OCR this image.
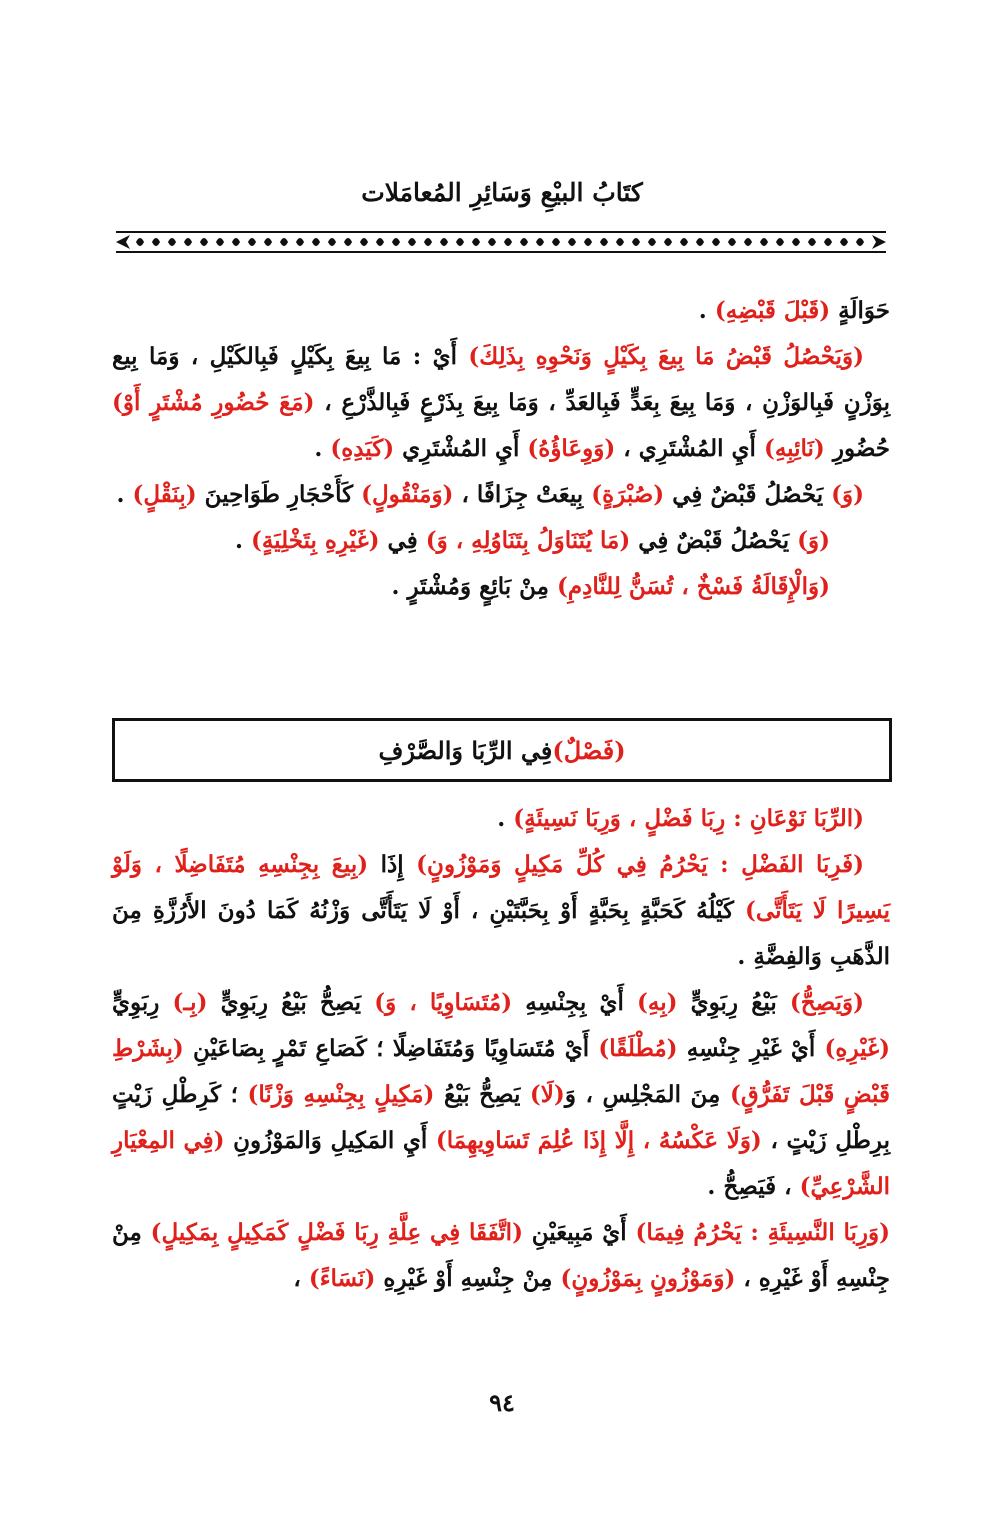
كتَابُ البيْعِ وَسَائِرِ المُعامَلات

حَوَالَةٍ (قَبْلَ قَبْضِهِ) .

(وَيَحْصُلُ قَبْضُ مَا بِيعَ بِكَيْلٍ وَنَحْوِهِ بِذَلِكَ) أَيْ : مَا بِيعَ بِكَيْلٍ فَبِالكَيْلِ ، وَمَا بِيع بِوَزْنٍ فَبِالوَزْنِ ، وَمَا بِيعَ بِعَدٍّ فَبِالعَدِّ ، وَمَا بِيعَ بِذَرْعٍ فَبِالذَّرْعِ ، (مَعَ حُضُورِ مُشْتَرٍ أَوْ) حُضُورِ (نَائِبِهِ) أَيِ المُشْتَرِي ، (وَوِعَاؤُهُ) أَيِ المُشْتَرِي (كَيَدِهِ) .

(وَ) يَحْصُلُ قَبْضٌ فِي (صُبْرَةٍ) بِيعَتْ جِزَافًا ، (وَمَنْقُولٍ) كَأَحْجَارِ طَوَاحِينَ (بِنَقْلٍ) .

(وَ) يَحْصُلُ قَبْضٌ فِي (مَا يُتَنَاوَلُ بِتَنَاوُلِهِ ، وَ) فِي (غَيْرِهِ بِتَخْلِيَةٍ) .

(وَالْإِقَالَةُ فَسْخٌ ، تُسَنُّ لِلنَّادِمِ) مِنْ بَائِعٍ وَمُشْتَرٍ .

(فَصْلٌ)
فِي الرِّبَا وَالصَّرْفِ

(الرِّبَا نَوْعَانِ : رِبَا فَضْلٍ ، وَرِبَا نَسِيئَةٍ) .

(فَرِبَا الفَضْلِ : يَحْرُمُ فِي كُلِّ مَكِيلٍ وَمَوْزُونٍ) إِذَا (بِيعَ بِجِنْسِهِ مُتَفَاضِلًا ، وَلَوْ يَسِيرًا لَا يَتَأَتَّى) كَيْلُهُ كَحَبَّةٍ بِحَبَّةٍ أَوْ بِحَبَّتَيْنِ ، أَوْ لَا يَتَأَتَّى وَزْنُهُ كَمَا دُونَ الأَرُزَّةِ مِنَ الذَّهَبِ وَالفِضَّةِ .

(وَيَصِحُّ) بَيْعُ رِبَوِيٍّ (بِهِ) أَيْ بِجِنْسِهِ (مُتَسَاوِيًا ، وَ) يَصِحُّ بَيْعُ رِبَوِيٍّ (بِـ) رِبَوِيٍّ (غَيْرِهِ) أَيْ غَيْرِ جِنْسِهِ (مُطْلَقًا) أَيْ مُتَسَاوِيًا وَمُتَفَاضِلًا ؛ كَصَاعِ تَمْرٍ بِصَاعَيْنِ (بِشَرْطِ قَبْضٍ قَبْلَ تَفَرُّقٍ) مِنَ المَجْلِسِ ، وَ(لَا) يَصِحُّ بَيْعُ (مَكِيلٍ بِجِنْسِهِ وَزْنًا) ؛ كَرِطْلِ زَيْتٍ بِرِطْلِ زَيْتٍ ، (وَلَا عَكْسُهُ ، إِلَّا إِذَا عُلِمَ تَسَاوِيهِمَا) أَيِ المَكِيلِ وَالمَوْزُونِ (فِي المِعْيَارِ الشَّرْعِيِّ) ، فَيَصِحُّ .

(وَرِبَا النَّسِيئَةِ : يَحْرُمُ فِيمَا) أَيْ مَبِيعَيْنِ (اتَّفَقَا فِي عِلَّةِ رِبَا فَضْلٍ كَمَكِيلٍ بِمَكِيلٍ) مِنْ جِنْسِهِ أَوْ غَيْرِهِ ، (وَمَوْزُونٍ بِمَوْزُونٍ) مِنْ جِنْسِهِ أَوْ غَيْرِهِ (نَسَاءً) ،

٩٤
